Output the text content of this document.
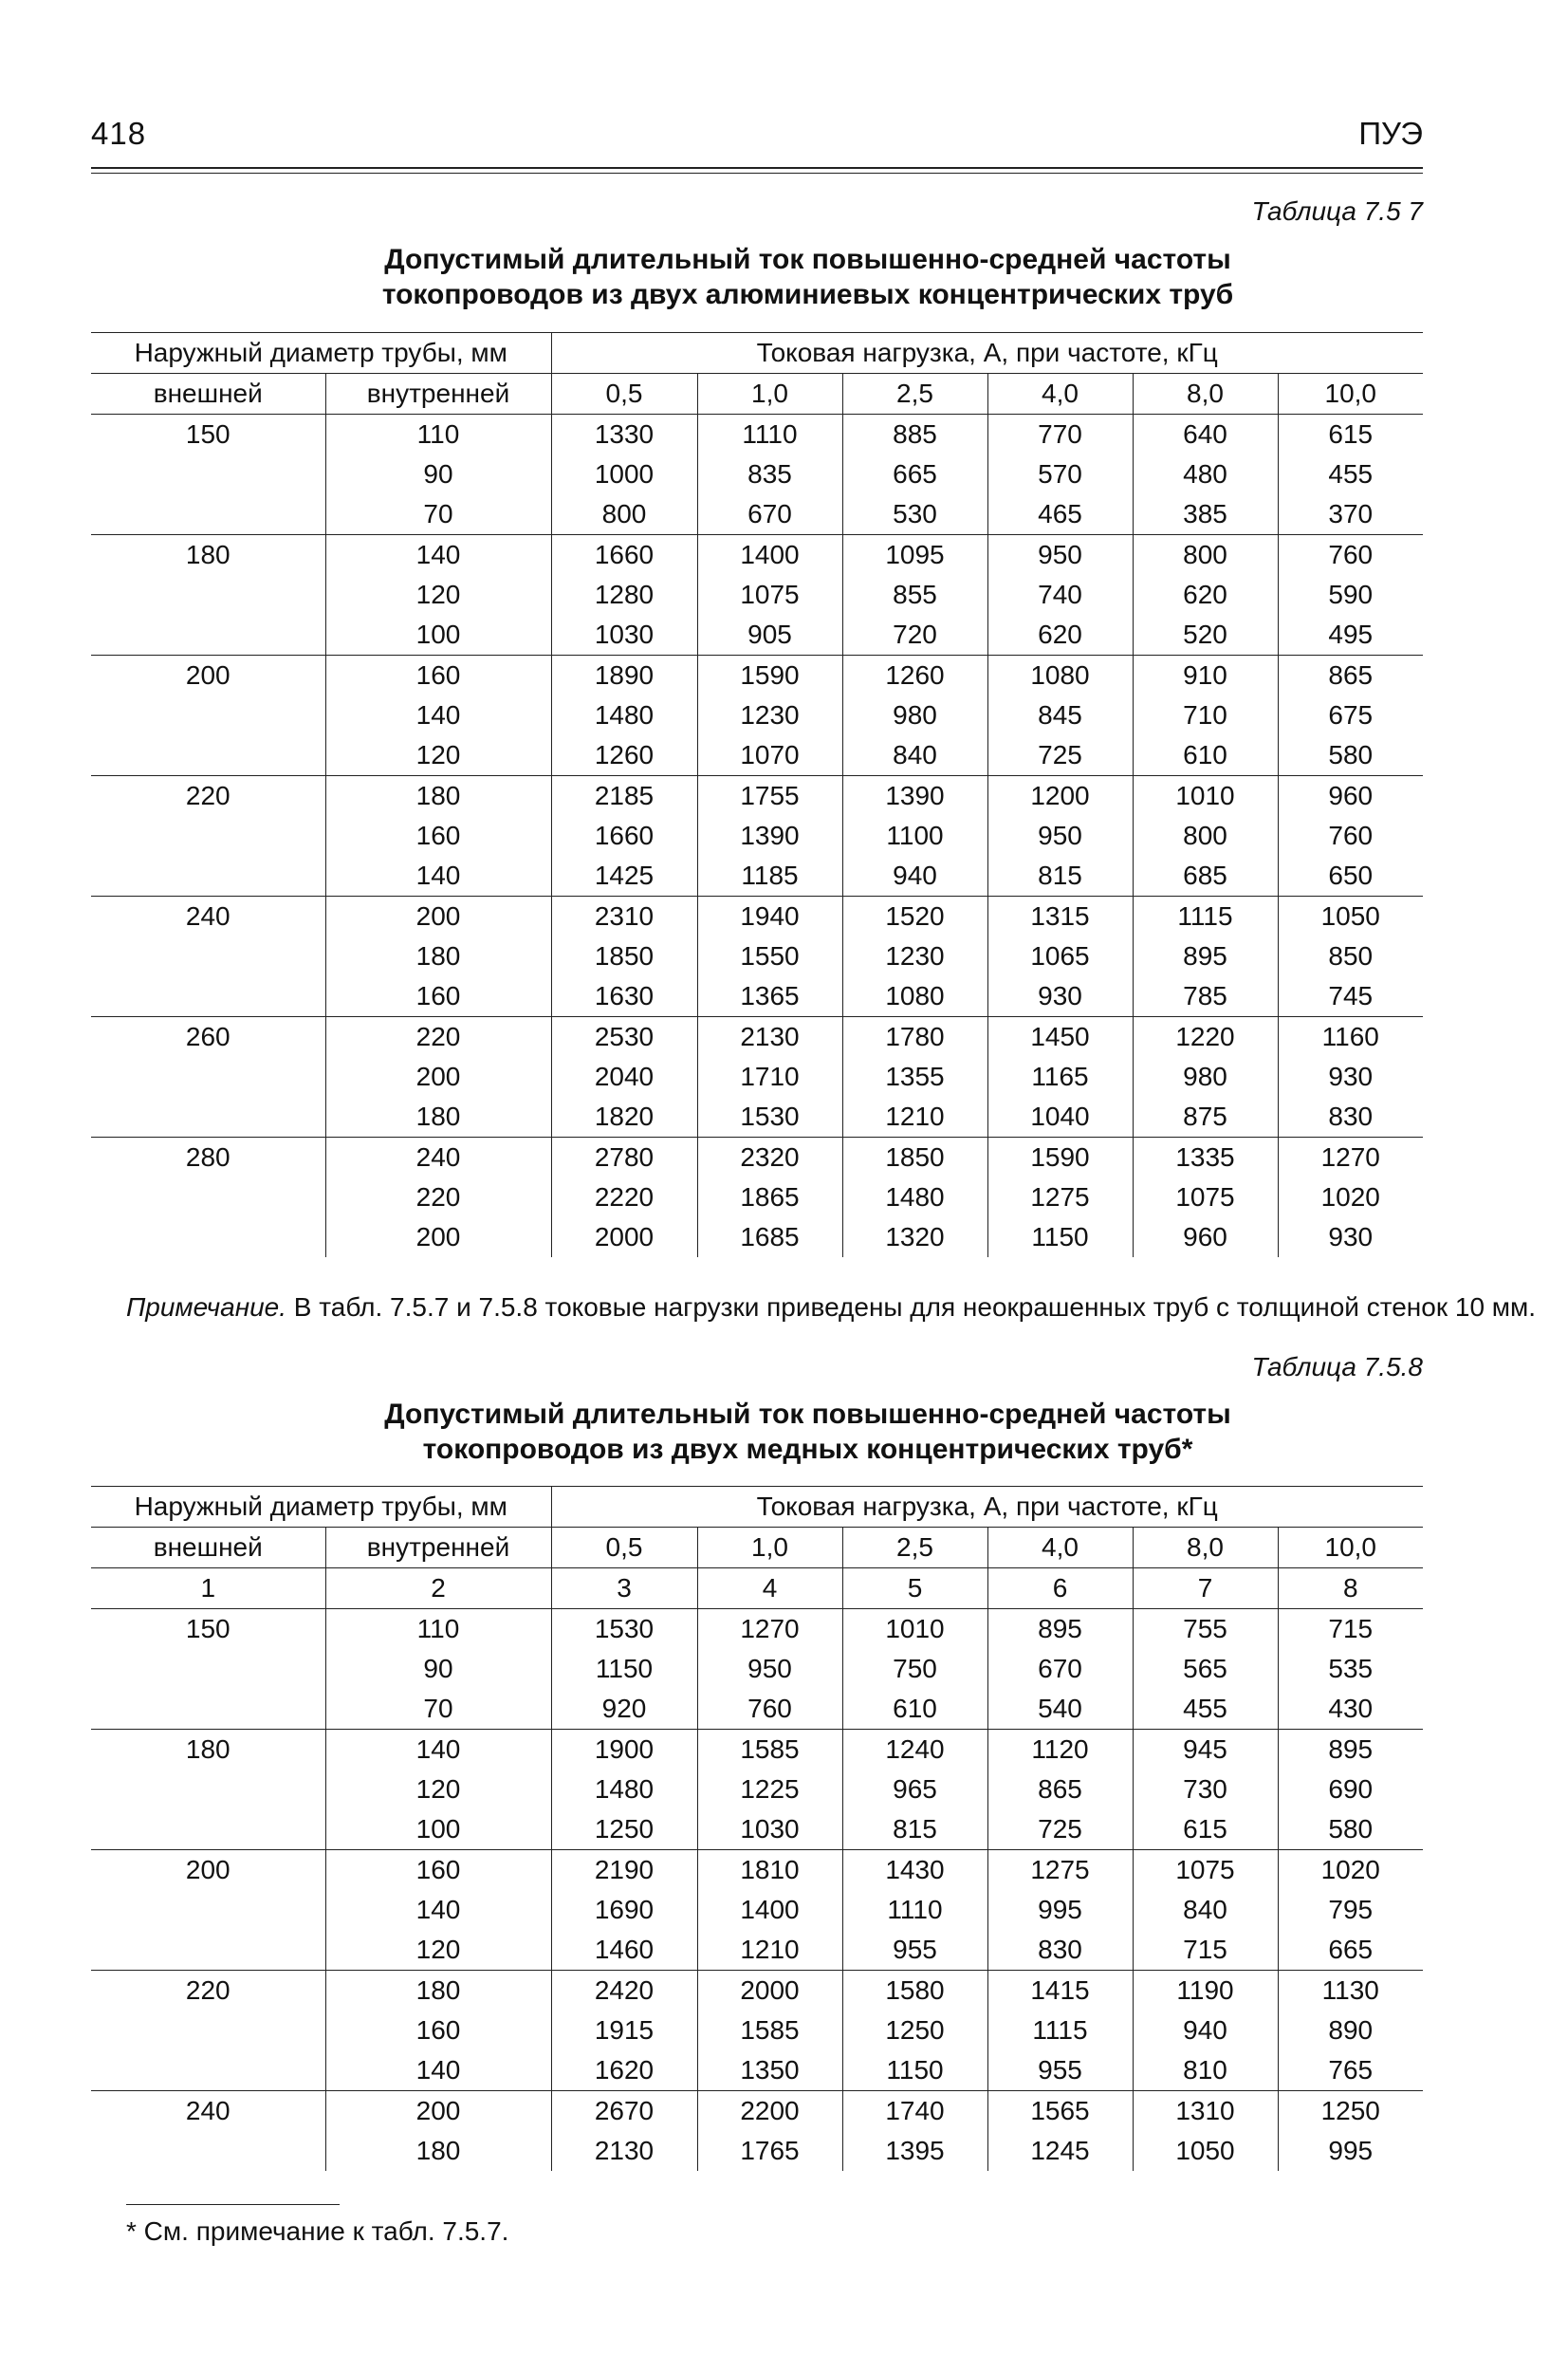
418	ПУЭ
Таблица 7.5 7
Допустимый длительный ток повышенно-средней частоты
токопроводов из двух алюминиевых концентрических труб
Наружный диаметр трубы, мм		Токовая нагрузка, А, при частоте, кГц					
внешней	внутренней	0,5	1,0	2,5	4,0	8,0	10,0
150	110	1330	1110	885	770	640	615
	90	1000	835	665	570	480	455
	70	800	670	530	465	385	370
180	140	1660	1400	1095	950	800	760
	120	1280	1075	855	740	620	590
	100	1030	905	720	620	520	495
200	160	1890	1590	1260	1080	910	865
	140	1480	1230	980	845	710	675
	120	1260	1070	840	725	610	580
220	180	2185	1755	1390	1200	1010	960
	160	1660	1390	1100	950	800	760
	140	1425	1185	940	815	685	650
240	200	2310	1940	1520	1315	1115	1050
	180	1850	1550	1230	1065	895	850
	160	1630	1365	1080	930	785	745
260	220	2530	2130	1780	1450	1220	1160
	200	2040	1710	1355	1165	980	930
	180	1820	1530	1210	1040	875	830
280	240	2780	2320	1850	1590	1335	1270
	220	2220	1865	1480	1275	1075	1020
	200	2000	1685	1320	1150	960	930
Примечание. В табл. 7.5.7 и 7.5.8 токовые нагрузки приведены для неокрашенных труб с толщиной стенок 10 мм.
Таблица 7.5.8
Допустимый длительный ток повышенно-средней частоты
токопроводов из двух медных концентрических труб*
Наружный диаметр трубы, мм		Токовая нагрузка, А, при частоте, кГц					
внешней	внутренней	0,5	1,0	2,5	4,0	8,0	10,0
1	2	3	4	5	6	7	8
150	110	1530	1270	1010	895	755	715
	90	1150	950	750	670	565	535
	70	920	760	610	540	455	430
180	140	1900	1585	1240	1120	945	895
	120	1480	1225	965	865	730	690
	100	1250	1030	815	725	615	580
200	160	2190	1810	1430	1275	1075	1020
	140	1690	1400	1110	995	840	795
	120	1460	1210	955	830	715	665
220	180	2420	2000	1580	1415	1190	1130
	160	1915	1585	1250	1115	940	890
	140	1620	1350	1150	955	810	765
240	200	2670	2200	1740	1565	1310	1250
	180	2130	1765	1395	1245	1050	995
* См. примечание к табл. 7.5.7.
